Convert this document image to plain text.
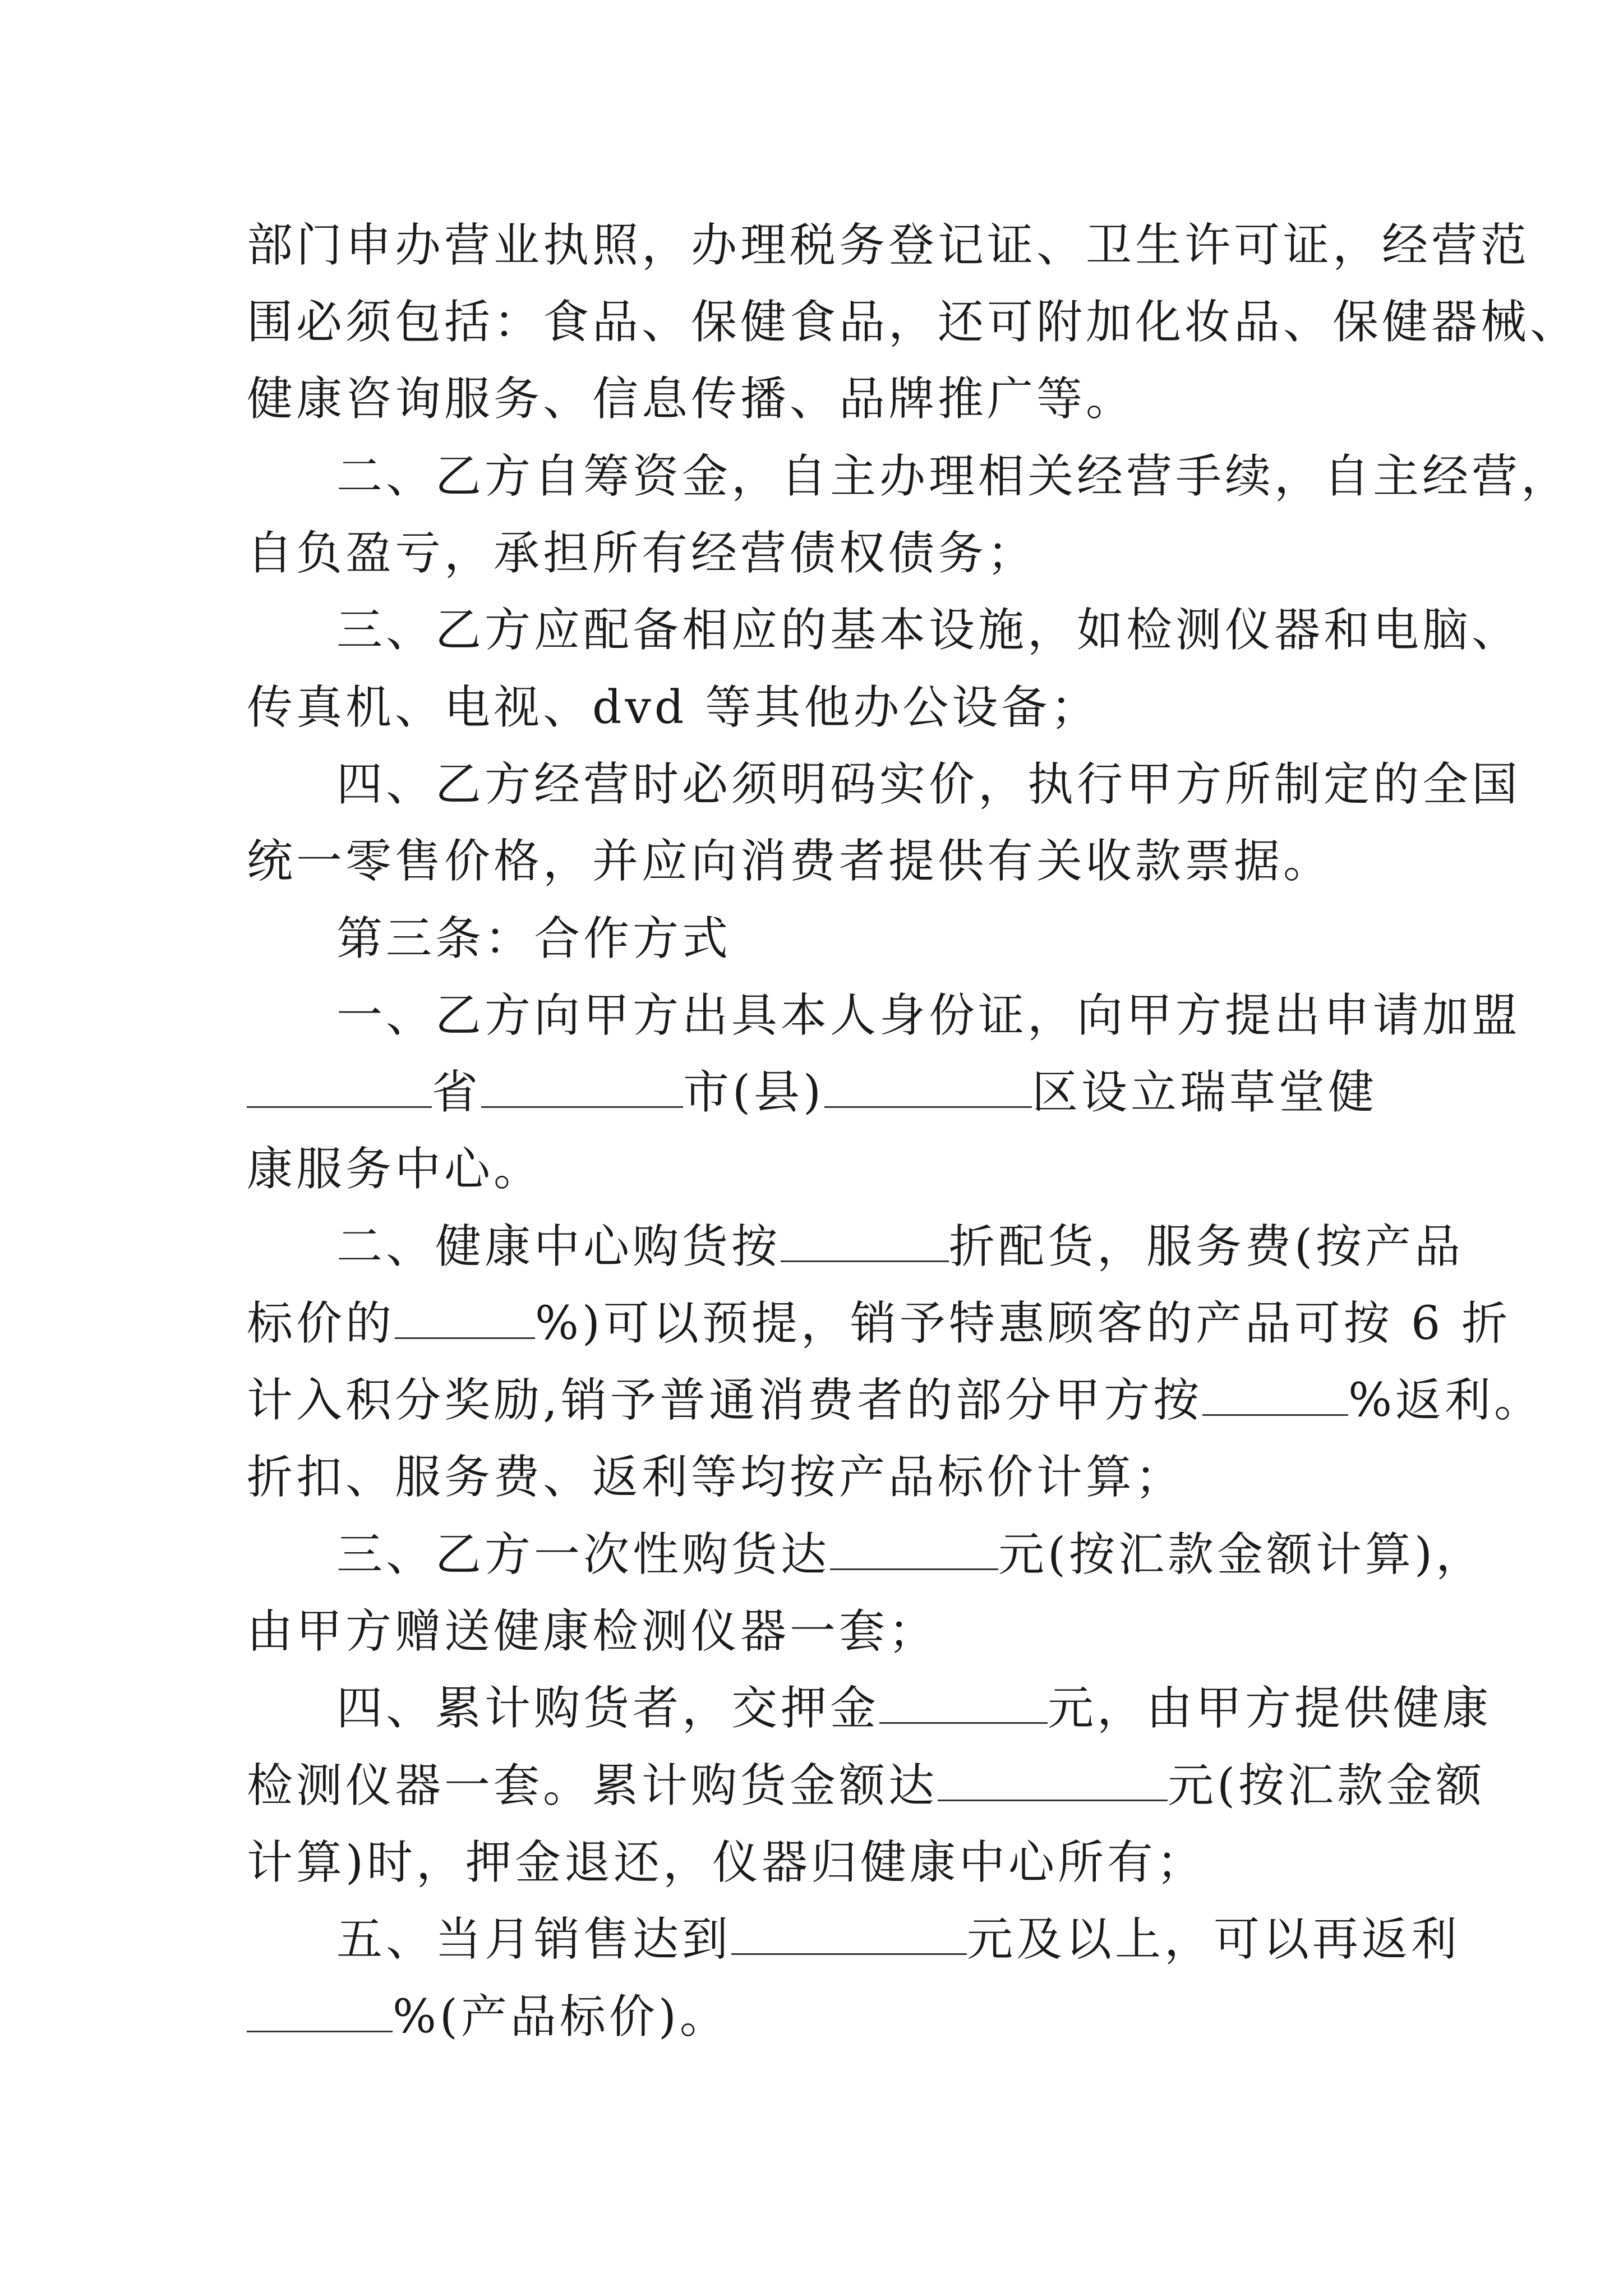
部门申办营业执照，办理税务登记证、卫生许可证，经营范
围必须包括：食品、保健食品，还可附加化妆品、保健器械、
健康咨询服务、信息传播、品牌推广等。
二、乙方自筹资金，自主办理相关经营手续，自主经营，
自负盈亏，承担所有经营债权债务；
三、乙方应配备相应的基本设施，如检测仪器和电脑、
传真机、电视、dvd 等其他办公设备；
四、乙方经营时必须明码实价，执行甲方所制定的全国
统一零售价格，并应向消费者提供有关收款票据。
第三条：合作方式
一、乙方向甲方出具本人身份证，向甲方提出申请加盟
省	市(县)	区设立瑞草堂健
康服务中心。
二、健康中心购货按	折配货，服务费(按产品
标价的	%)可以预提，销予特惠顾客的产品可按 6 折
计入积分奖励,销予普通消费者的部分甲方按	%返利。
折扣、服务费、返利等均按产品标价计算；
三、乙方一次性购货达	元(按汇款金额计算)，
由甲方赠送健康检测仪器一套；
四、累计购货者，交押金	元，由甲方提供健康
检测仪器一套。累计购货金额达	元(按汇款金额
计算)时，押金退还，仪器归健康中心所有；
五、当月销售达到	元及以上，可以再返利
%(产品标价)。
